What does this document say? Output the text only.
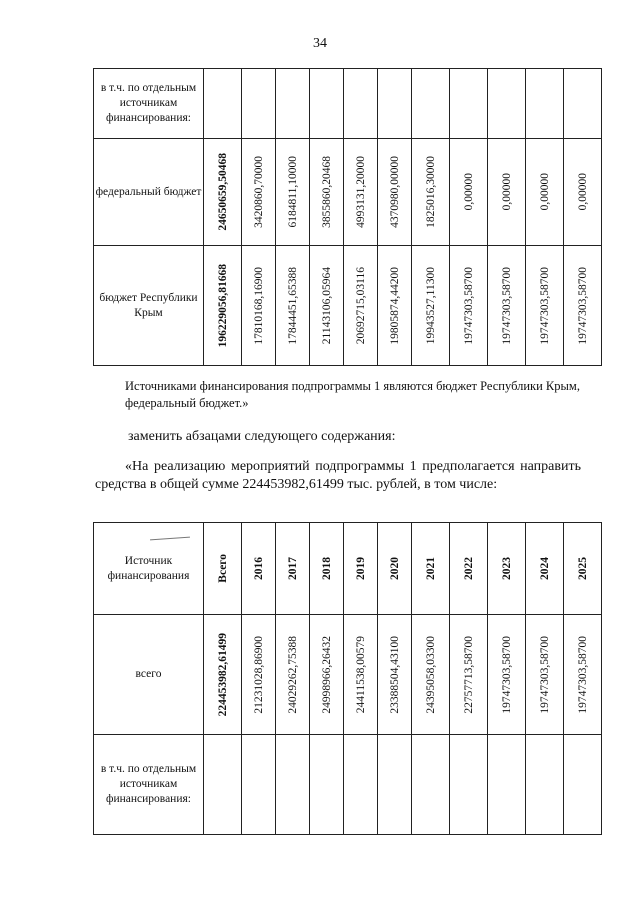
34
в т.ч. по отдельным источникам финансирования:											
федеральный бюджет	24650659,50468	3420860,70000	6184811,10000	3855860,20468	4993131,20000	4370980,00000	1825016,30000	0,00000	0,00000	0,00000	0,00000

бюджет Республики Крым	196229056,81668	17810168,16900	17844451,65388	21143106,05964	20692715,03116	19805874,44200	19943527,11300	19747303,58700	19747303,58700	19747303,58700	19747303,58700
Источниками финансирования подпрограммы 1 являются бюджет Республики Крым, федеральный бюджет.»
заменить абзацами следующего содержания:
«На реализацию мероприятий подпрограммы 1 предполагается направить средства в общей сумме 224453982,61499 тыс. рублей, в том числе:
Источник финансирования	Всего	2016	2017	2018	2019	2020	2021	2022	2023	2024	2025

всего	224453982,61499	21231028,86900	24029262,75388	24998966,26432	24411538,00579	23388504,43100	24395058,03300	22757713,58700	19747303,58700	19747303,58700	19747303,58700

в т.ч. по отдельным источникам финансирования:											
